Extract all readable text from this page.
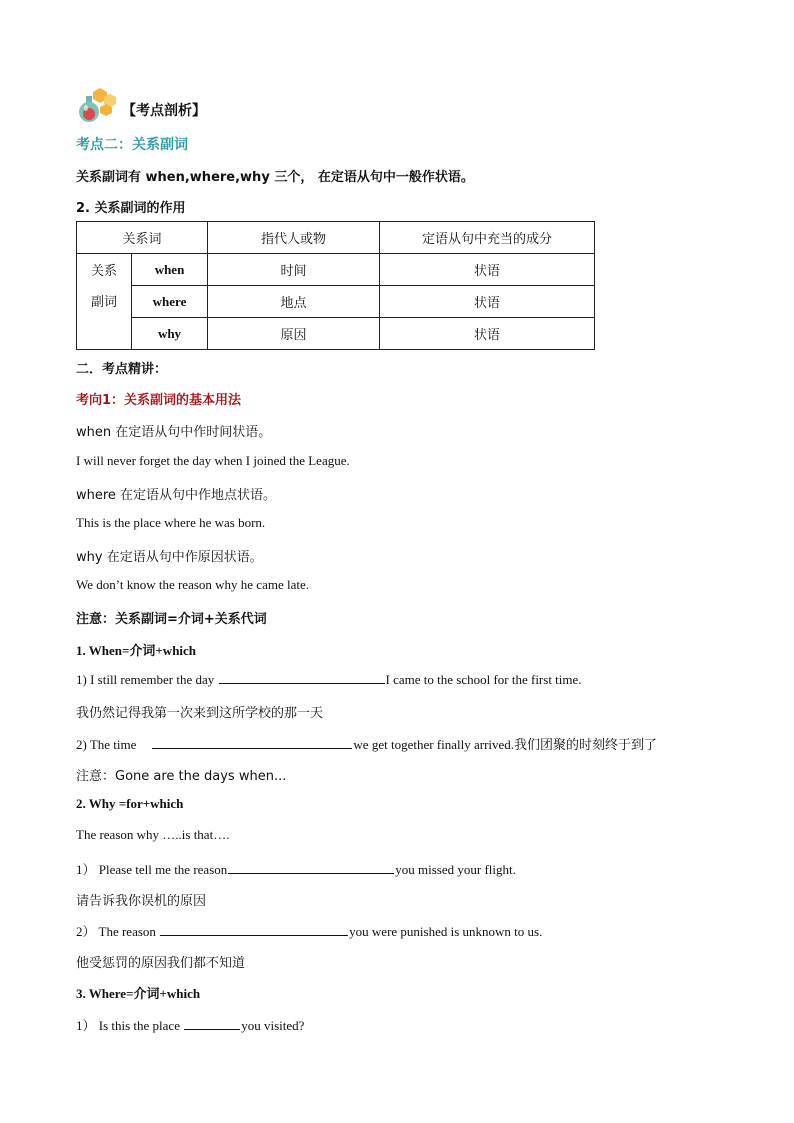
【考点剖析】
考点二：关系副词
关系副词有 when,where,why 三个， 在定语从句中一般作状语。
2. 关系副词的作用
关系词		指代人或物	定语从句中充当的成分

关系
副词	when	时间	状语
	where	地点	状语
	why	原因	状语
二．考点精讲：
考向1：关系副词的基本用法
when 在定语从句中作时间状语。
I will never forget the day when I joined the League.
where 在定语从句中作地点状语。
This is the place where he was born.
why 在定语从句中作原因状语。
We don’t know the reason why he came late.
注意：关系副词=介词+关系代词
1. When=介词+which
1) I still remember the day	I came to the school for the first time.
我仍然记得我第一次来到这所学校的那一天
2) The time	we get together finally arrived.我们团聚的时刻终于到了
注意：Gone are the days when...
2. Why =for+which
The reason why …..is that….
1） Please tell me the reason	you missed your flight.
请告诉我你误机的原因
2） The reason	you were punished is unknown to us.
他受惩罚的原因我们都不知道
3. Where=介词+which
1） Is this the place	you visited?
